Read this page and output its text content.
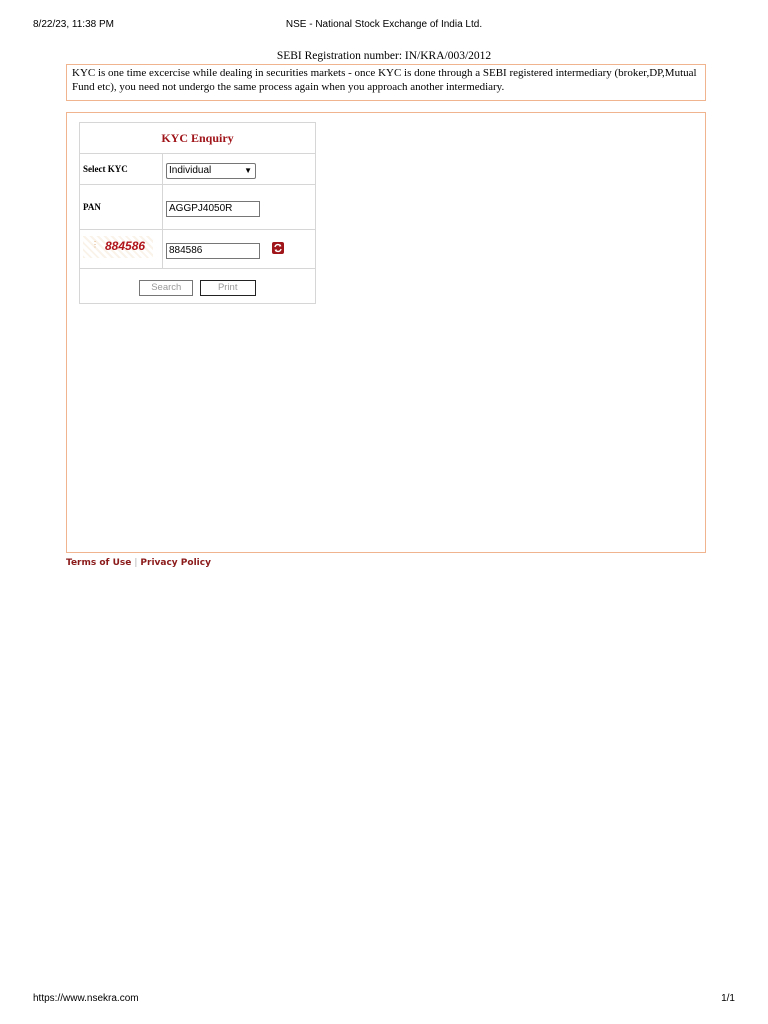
8/22/23, 11:38 PM	NSE - National Stock Exchange of India Ltd.
SEBI Registration number: IN/KRA/003/2012
KYC is one time excercise while dealing in securities markets - once KYC is done through a SEBI registered intermediary (broker,DP,Mutual Fund etc), you need not undergo the same process again when you approach another intermediary.
KYC Enquiry	
Select KYC	Individual ▼

PAN	AGGPJ4050R

⋮ 884586	884586
Search Print	
Terms of Use | Privacy Policy
https://www.nsekra.com	1/1
